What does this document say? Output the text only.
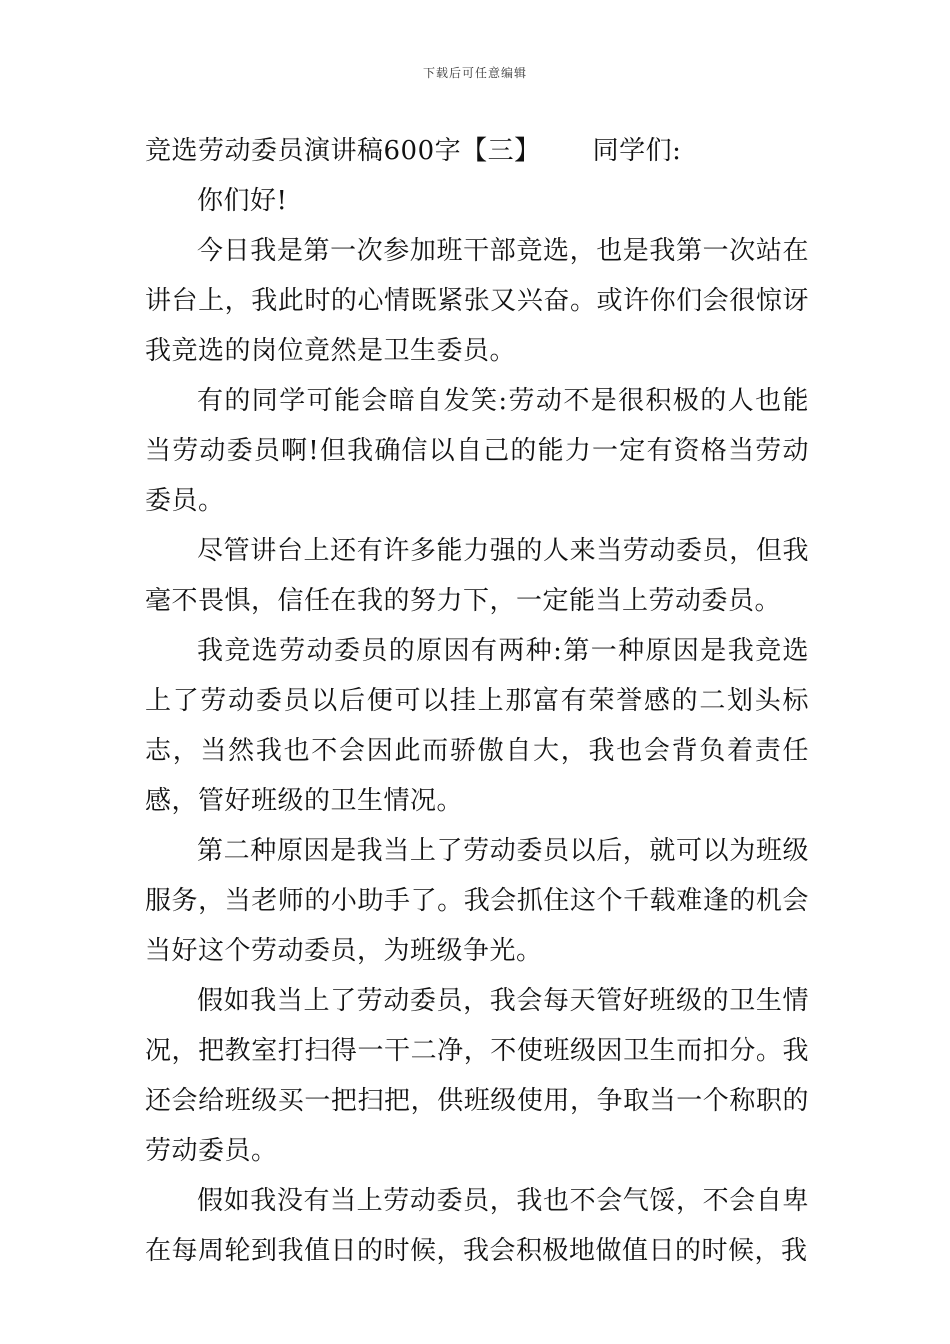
下载后可任意编辑

竞选劳动委员演讲稿600字【三】 同学们:

你们好!

今日我是第一次参加班干部竞选，也是我第一次站在讲台上，我此时的心情既紧张又兴奋。或许你们会很惊讶我竞选的岗位竟然是卫生委员。

有的同学可能会暗自发笑:劳动不是很积极的人也能当劳动委员啊!但我确信以自己的能力一定有资格当劳动委员。

尽管讲台上还有许多能力强的人来当劳动委员，但我毫不畏惧，信任在我的努力下，一定能当上劳动委员。

我竞选劳动委员的原因有两种:第一种原因是我竞选上了劳动委员以后便可以挂上那富有荣誉感的二划头标志，当然我也不会因此而骄傲自大，我也会背负着责任感，管好班级的卫生情况。

第二种原因是我当上了劳动委员以后，就可以为班级服务，当老师的小助手了。我会抓住这个千载难逢的机会当好这个劳动委员，为班级争光。

假如我当上了劳动委员，我会每天管好班级的卫生情况，把教室打扫得一干二净，不使班级因卫生而扣分。我还会给班级买一把扫把，供班级使用，争取当一个称职的劳动委员。

假如我没有当上劳动委员，我也不会气馁，不会自卑在每周轮到我值日的时候，我会积极地做值日的时候，我
